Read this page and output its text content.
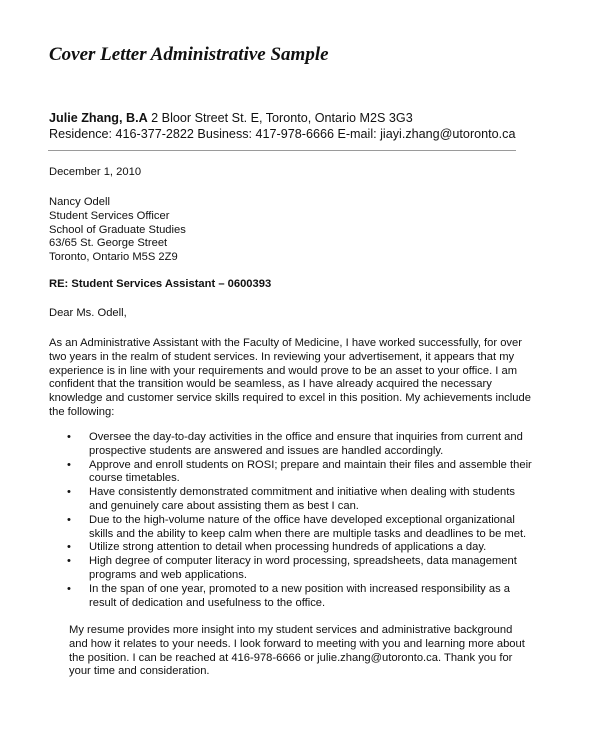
Cover Letter Administrative Sample
Julie Zhang, B.A 2 Bloor Street St. E, Toronto, Ontario M2S 3G3
Residence: 416-377-2822 Business: 417-978-6666 E-mail: jiayi.zhang@utoronto.ca
December 1, 2010
Nancy Odell
Student Services Officer
School of Graduate Studies
63/65 St. George Street
Toronto, Ontario M5S 2Z9
RE: Student Services Assistant – 0600393
Dear Ms. Odell,
As an Administrative Assistant with the Faculty of Medicine, I have worked successfully, for over
two years in the realm of student services. In reviewing your advertisement, it appears that my
experience is in line with your requirements and would prove to be an asset to your office. I am
confident that the transition would be seamless, as I have already acquired the necessary
knowledge and customer service skills required to excel in this position. My achievements include
the following:
• Oversee the day-to-day activities in the office and ensure that inquiries from current and
prospective students are answered and issues are handled accordingly.
• Approve and enroll students on ROSI; prepare and maintain their files and assemble their
course timetables.
• Have consistently demonstrated commitment and initiative when dealing with students
and genuinely care about assisting them as best I can.
• Due to the high-volume nature of the office have developed exceptional organizational
skills and the ability to keep calm when there are multiple tasks and deadlines to be met.
• Utilize strong attention to detail when processing hundreds of applications a day.
• High degree of computer literacy in word processing, spreadsheets, data management
programs and web applications.
• In the span of one year, promoted to a new position with increased responsibility as a
result of dedication and usefulness to the office.
My resume provides more insight into my student services and administrative background
and how it relates to your needs. I look forward to meeting with you and learning more about
the position. I can be reached at 416-978-6666 or julie.zhang@utoronto.ca. Thank you for
your time and consideration.
